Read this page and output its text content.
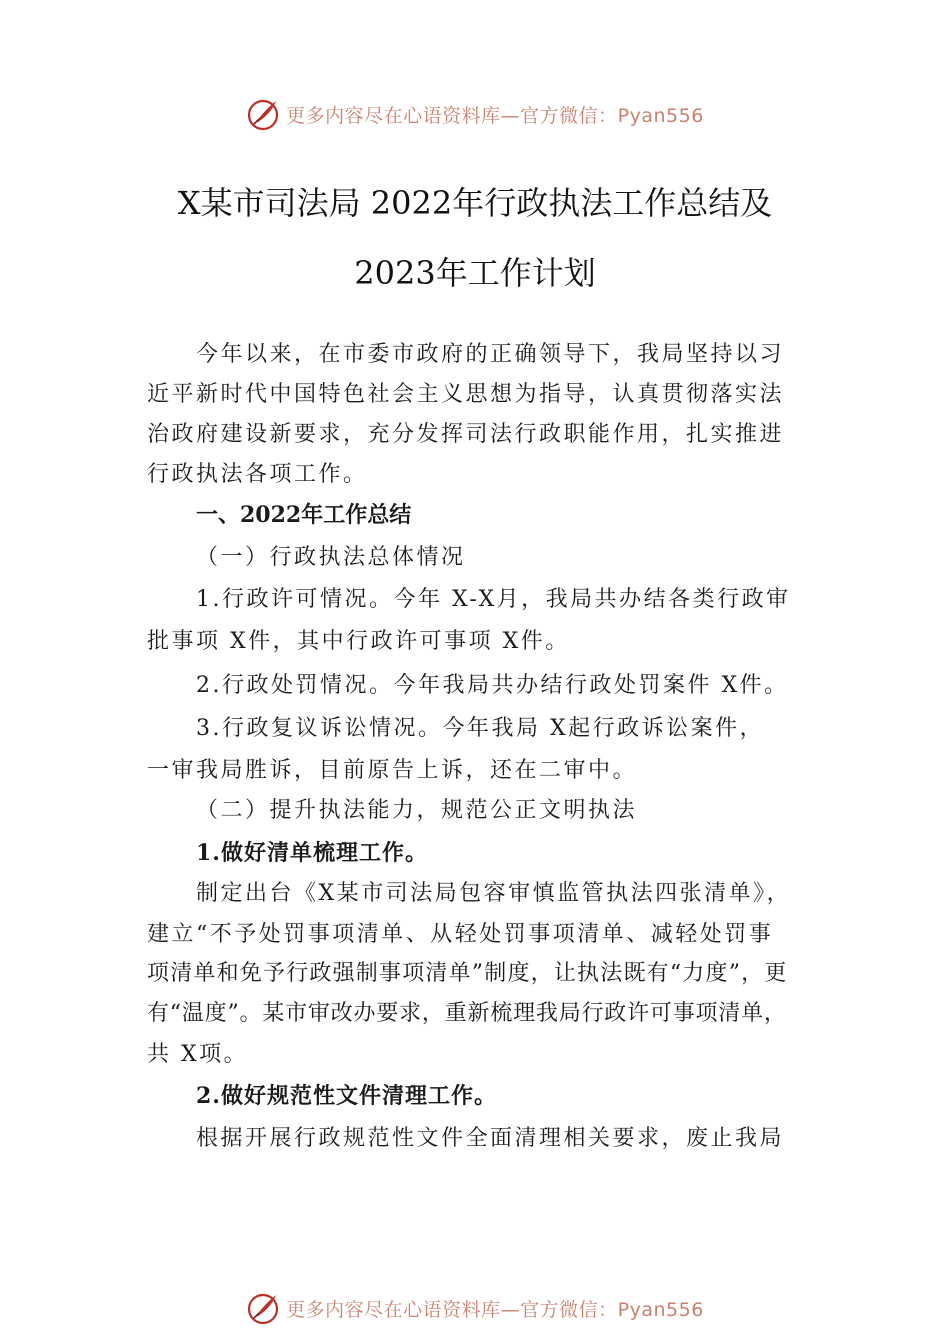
更多内容尽在心语资料库—官方微信：Pyan556
X某市司法局 2022年行政执法工作总结及
2023年工作计划

今年以来，在市委市政府的正确领导下，我局坚持以习

近平新时代中国特色社会主义思想为指导，认真贯彻落实法

治政府建设新要求，充分发挥司法行政职能作用，扎实推进

行政执法各项工作。

一、2022年工作总结

（一）行政执法总体情况

1.行政许可情况。今年 X-X月，我局共办结各类行政审

批事项 X件，其中行政许可事项 X件。

2.行政处罚情况。今年我局共办结行政处罚案件 X件。

3.行政复议诉讼情况。今年我局 X起行政诉讼案件，

一审我局胜诉，目前原告上诉，还在二审中。

（二）提升执法能力，规范公正文明执法

1.做好清单梳理工作。

制定出台《X某市司法局包容审慎监管执法四张清单》，

建立“不予处罚事项清单、从轻处罚事项清单、减轻处罚事

项清单和免予行政强制事项清单”制度，让执法既有“力度”，更

有“温度”。某市审改办要求，重新梳理我局行政许可事项清单，

共 X项。

2.做好规范性文件清理工作。

根据开展行政规范性文件全面清理相关要求，废止我局

更多内容尽在心语资料库—官方微信：Pyan556
